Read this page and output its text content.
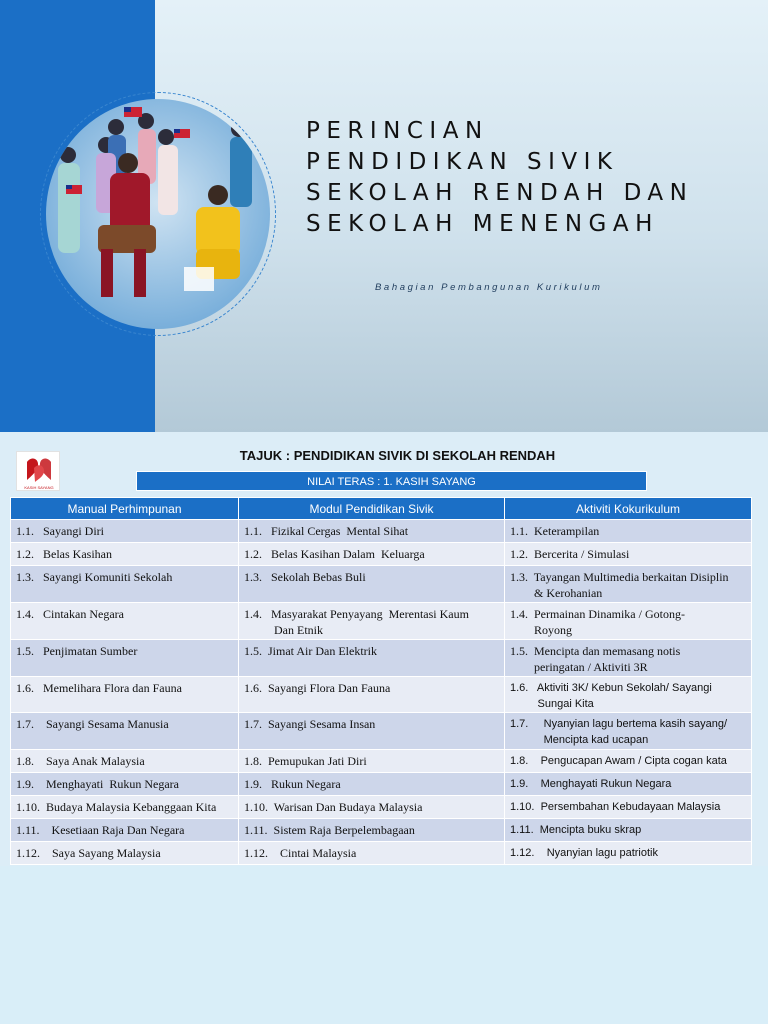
PERINCIAN
PENDIDIKAN SIVIK
SEKOLAH RENDAH DAN
SEKOLAH MENENGAH
Bahagian Pembangunan Kurikulum
KASIH SAYANG
TAJUK : PENDIDIKAN SIVIK DI SEKOLAH RENDAH
NILAI TERAS : 1. KASIH SAYANG
Manual Perhimpunan	Modul Pendidikan Sivik	Aktiviti Kokurikulum
1.1.   Sayangi Diri	1.1.   Fizikal Cergas  Mental Sihat	1.1.  Keterampilan
1.2.   Belas Kasihan	1.2.   Belas Kasihan Dalam  Keluarga	1.2.  Bercerita / Simulasi
1.3.   Sayangi Komuniti Sekolah	1.3.   Sekolah Bebas Buli	1.3.  Tayangan Multimedia berkaitan Disiplin
& Kerohanian
1.4.   Cintakan Negara	1.4.   Masyarakat Penyayang  Merentasi Kaum
Dan Etnik	1.4.  Permainan Dinamika / Gotong-
Royong
1.5.   Penjimatan Sumber	1.5.  Jimat Air Dan Elektrik	1.5.  Mencipta dan memasang notis
peringatan / Aktiviti 3R
1.6.   Memelihara Flora dan Fauna	1.6.  Sayangi Flora Dan Fauna	1.6.   Aktiviti 3K/ Kebun Sekolah/ Sayangi
Sungai Kita
1.7.    Sayangi Sesama Manusia	1.7.  Sayangi Sesama Insan	1.7.     Nyanyian lagu bertema kasih sayang/
Mencipta kad ucapan
1.8.    Saya Anak Malaysia	1.8.  Pemupukan Jati Diri	1.8.    Pengucapan Awam / Cipta cogan kata
1.9.    Menghayati  Rukun Negara	1.9.   Rukun Negara	1.9.    Menghayati Rukun Negara
1.10.  Budaya Malaysia Kebanggaan Kita	1.10.  Warisan Dan Budaya Malaysia	1.10.  Persembahan Kebudayaan Malaysia
1.11.    Kesetiaan Raja Dan Negara	1.11.  Sistem Raja Berpelembagaan	1.11.  Mencipta buku skrap
1.12.    Saya Sayang Malaysia	1.12.    Cintai Malaysia	1.12.    Nyanyian lagu patriotik
